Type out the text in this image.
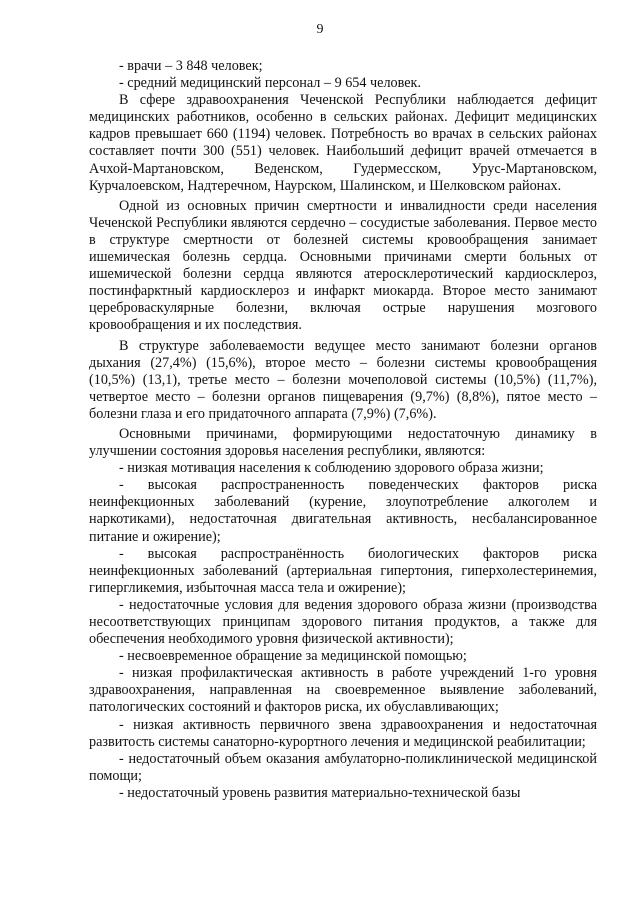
9

- врачи – 3 848 человек;

- средний медицинский персонал – 9 654 человек.

В сфере здравоохранения Чеченской Республики наблюдается дефицит медицинских работников, особенно в сельских районах. Дефицит медицинских кадров превышает 660 (1194) человек. Потребность во врачах в сельских районах составляет почти 300 (551) человек. Наибольший дефицит врачей отмечается в Ачхой-Мартановском, Веденском, Гудермесском, Урус-Мартановском, Курчалоевском, Надтеречном, Наурском, Шалинском, и Шелковском районах.

Одной из основных причин смертности и инвалидности среди населения Чеченской Республики являются сердечно – сосудистые заболевания. Первое место в структуре смертности от болезней системы кровообращения занимает ишемическая болезнь сердца. Основными причинами смерти больных от ишемической болезни сердца являются атеросклеротический кардиосклероз, постинфарктный кардиосклероз и инфаркт миокарда. Второе место занимают цереброваскулярные болезни, включая острые нарушения мозгового кровообращения и их последствия.

В структуре заболеваемости ведущее место занимают болезни органов дыхания (27,4%) (15,6%), второе место – болезни системы кровообращения (10,5%) (13,1), третье место – болезни мочеполовой системы (10,5%) (11,7%), четвертое место – болезни органов пищеварения (9,7%) (8,8%), пятое место – болезни глаза и его придаточного аппарата (7,9%) (7,6%).

Основными причинами, формирующими недостаточную динамику в улучшении состояния здоровья населения республики, являются:

- низкая мотивация населения к соблюдению здорового образа жизни;

- высокая распространенность поведенческих факторов риска неинфекционных заболеваний (курение, злоупотребление алкоголем и наркотиками), недостаточная двигательная активность, несбалансированное питание и ожирение);

- высокая распространённость биологических факторов риска неинфекционных заболеваний (артериальная гипертония, гиперхолестеринемия, гипергликемия, избыточная масса тела и ожирение);

- недостаточные условия для ведения здорового образа жизни (производства несоответствующих принципам здорового питания продуктов, а также для обеспечения необходимого уровня физической активности);

- несвоевременное обращение за медицинской помощью;

- низкая профилактическая активность в работе учреждений 1-го уровня здравоохранения, направленная на своевременное выявление заболеваний, патологических состояний и факторов риска, их обуславливающих;

- низкая активность первичного звена здравоохранения и недостаточная развитость системы санаторно-курортного лечения и медицинской реабилитации;

- недостаточный объем оказания амбулаторно-поликлинической медицинской помощи;

- недостаточный уровень развития материально-технической базы
